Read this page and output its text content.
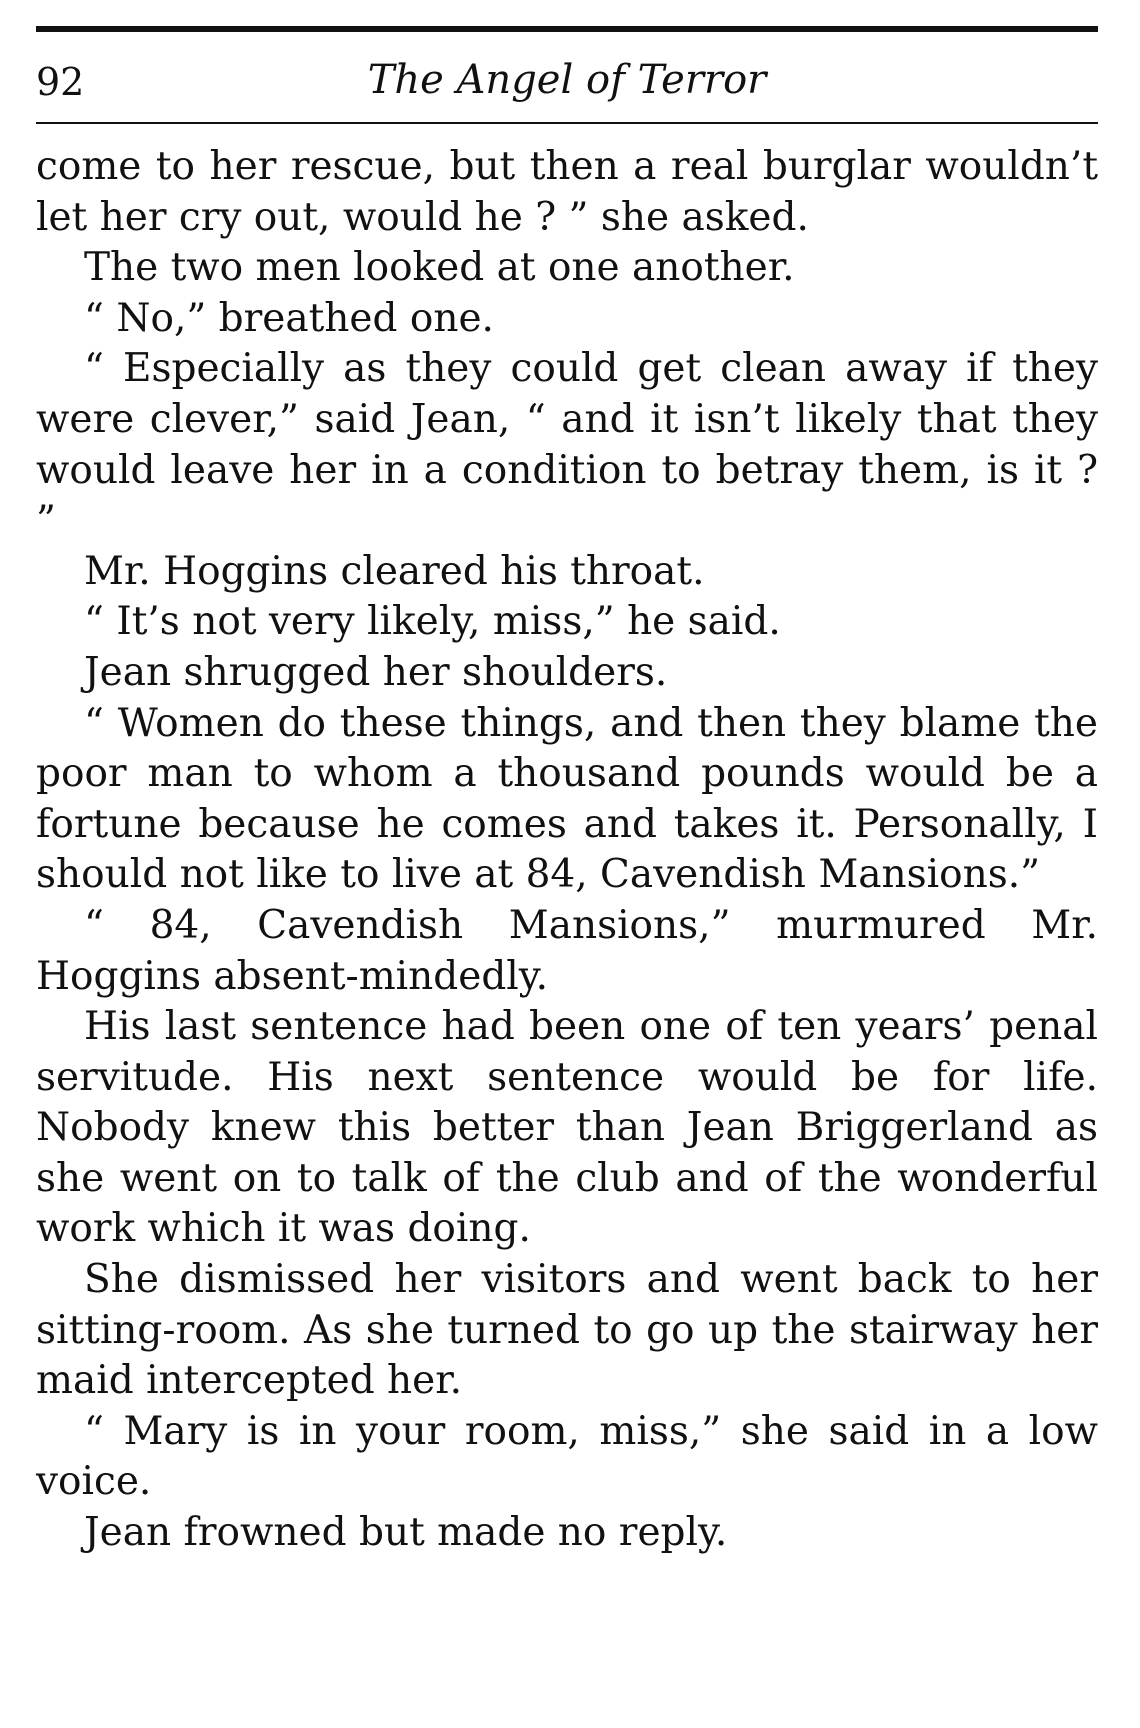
92	The Angel of Terror

come to her rescue, but then a real burglar wouldn’t let her cry out, would he ? ” she asked.

The two men looked at one another.

“ No,” breathed one.

“ Especially as they could get clean away if they were clever,” said Jean, “ and it isn’t likely that they would leave her in a condition to betray them, is it ? ”

Mr. Hoggins cleared his throat.

“ It’s not very likely, miss,” he said.

Jean shrugged her shoulders.

“ Women do these things, and then they blame the poor man to whom a thousand pounds would be a fortune because he comes and takes it. Personally, I should not like to live at 84, Cavendish Mansions.”

“ 84, Cavendish Mansions,” murmured Mr. Hoggins absent-mindedly.

His last sentence had been one of ten years’ penal servitude. His next sentence would be for life. Nobody knew this better than Jean Briggerland as she went on to talk of the club and of the wonderful work which it was doing.

She dismissed her visitors and went back to her sitting-room. As she turned to go up the stairway her maid intercepted her.

“ Mary is in your room, miss,” she said in a low voice.

Jean frowned but made no reply.
